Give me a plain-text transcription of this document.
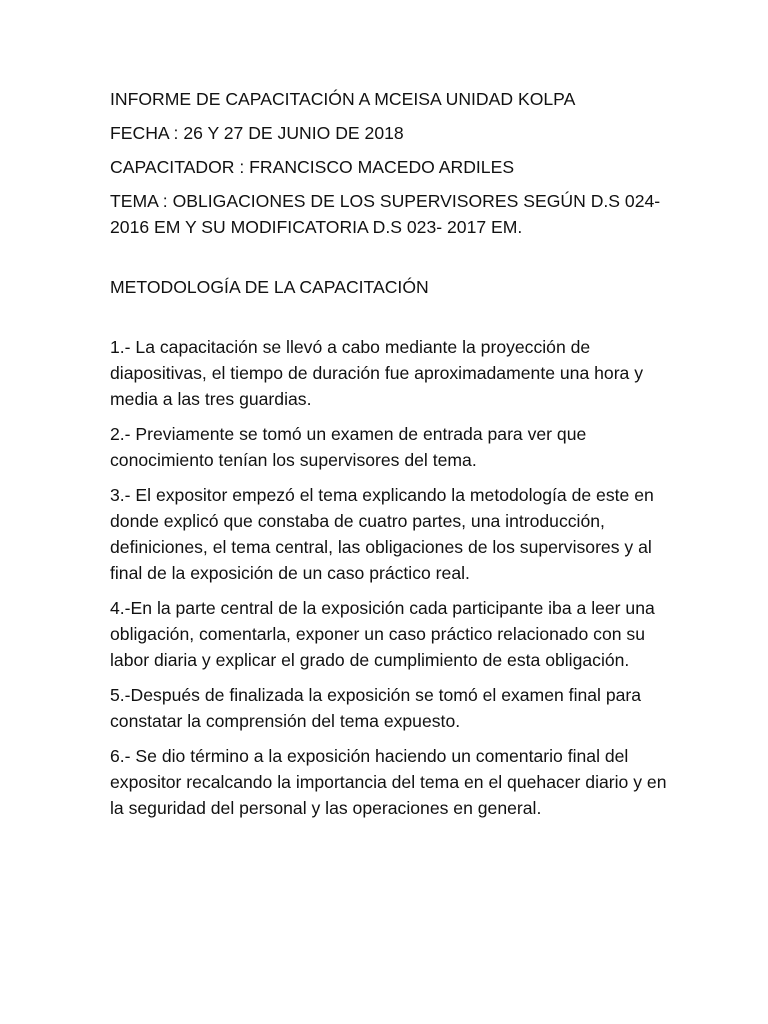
INFORME DE CAPACITACIÓN A MCEISA UNIDAD KOLPA

FECHA : 26 Y 27 DE JUNIO DE 2018

CAPACITADOR : FRANCISCO MACEDO ARDILES

TEMA : OBLIGACIONES DE LOS SUPERVISORES SEGÚN D.S 024-2016 EM Y SU MODIFICATORIA D.S 023- 2017 EM.

METODOLOGÍA DE LA CAPACITACIÓN

1.- La capacitación se llevó a cabo mediante la proyección de diapositivas, el tiempo de duración fue aproximadamente una hora y media a las tres guardias.

2.- Previamente se tomó un examen de entrada para ver que conocimiento tenían los supervisores del tema.

3.- El expositor empezó el tema explicando la metodología de este en donde explicó que constaba de cuatro partes, una introducción, definiciones, el tema central, las obligaciones de los supervisores y al final de la exposición de un caso práctico real.

4.-En la parte central de la exposición cada participante iba a leer una obligación, comentarla, exponer un caso práctico relacionado con su labor diaria y explicar el grado de cumplimiento de esta obligación.

5.-Después de finalizada la exposición se tomó el examen final para constatar la comprensión del tema expuesto.

6.- Se dio término a la exposición haciendo un comentario final del expositor recalcando la importancia del tema en el quehacer diario y en la seguridad del personal y las operaciones en general.
